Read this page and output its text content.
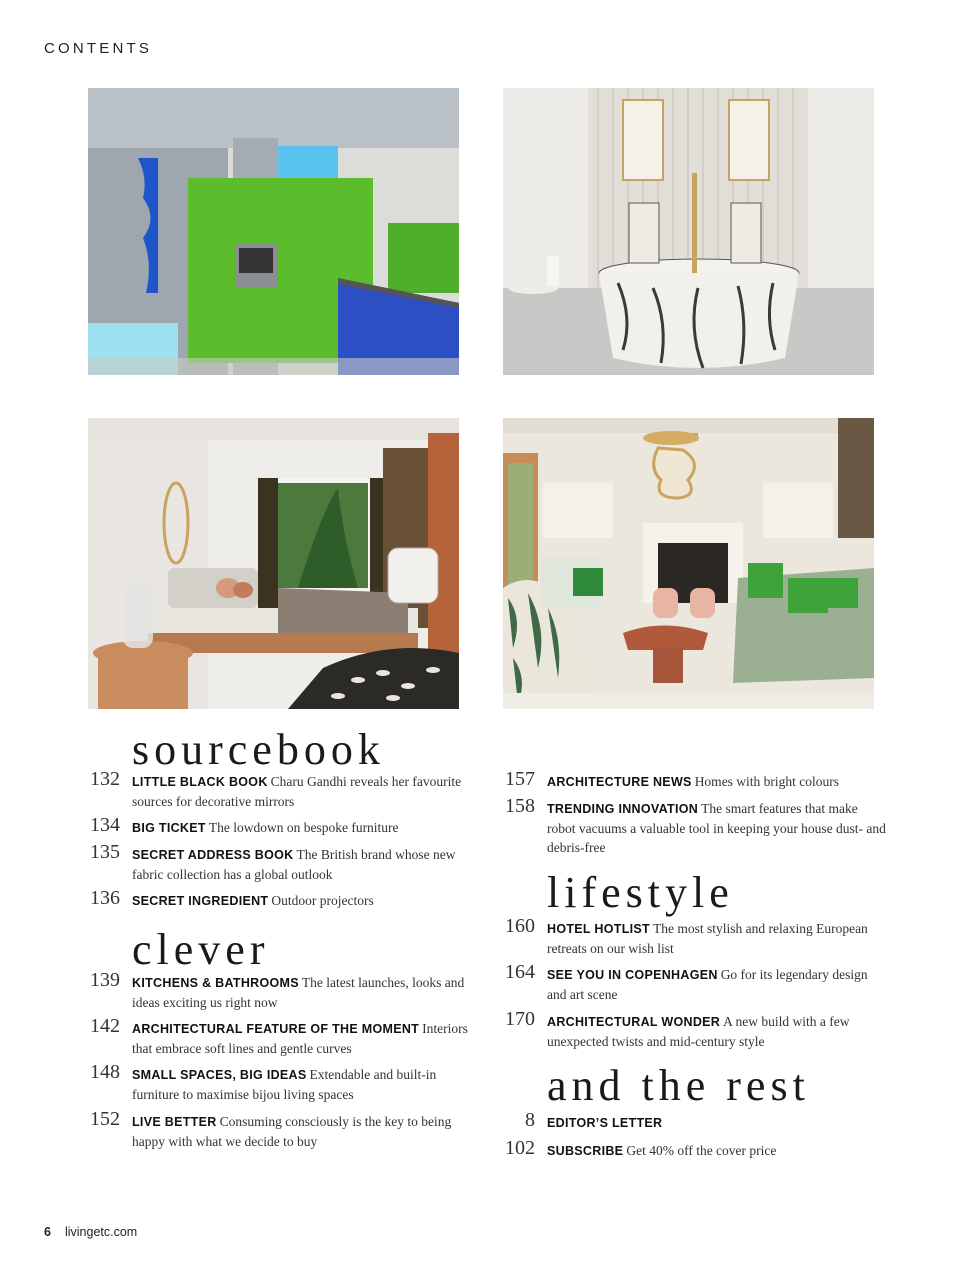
CONTENTS
sourcebook
132 LITTLE BLACK BOOK Charu Gandhi reveals her favourite sources for decorative mirrors
134 BIG TICKET The lowdown on bespoke furniture
135 SECRET ADDRESS BOOK The British brand whose new fabric collection has a global outlook
136 SECRET INGREDIENT Outdoor projectors
clever
139 KITCHENS & BATHROOMS The latest launches, looks and ideas exciting us right now
142 ARCHITECTURAL FEATURE OF THE MOMENT Interiors that embrace soft lines and gentle curves
148 SMALL SPACES, BIG IDEAS Extendable and built-in furniture to maximise bijou living spaces
152 LIVE BETTER Consuming consciously is the key to being happy with what we decide to buy
157 ARCHITECTURE NEWS Homes with bright colours
158 TRENDING INNOVATION The smart features that make robot vacuums a valuable tool in keeping your house dust- and debris-free
lifestyle
160 HOTEL HOTLIST The most stylish and relaxing European retreats on our wish list
164 SEE YOU IN COPENHAGEN Go for its legendary design and art scene
170 ARCHITECTURAL WONDER A new build with a few unexpected twists and mid-century style
and the rest
8 EDITOR’S LETTER
102 SUBSCRIBE Get 40% off the cover price
6 livingetc.com
